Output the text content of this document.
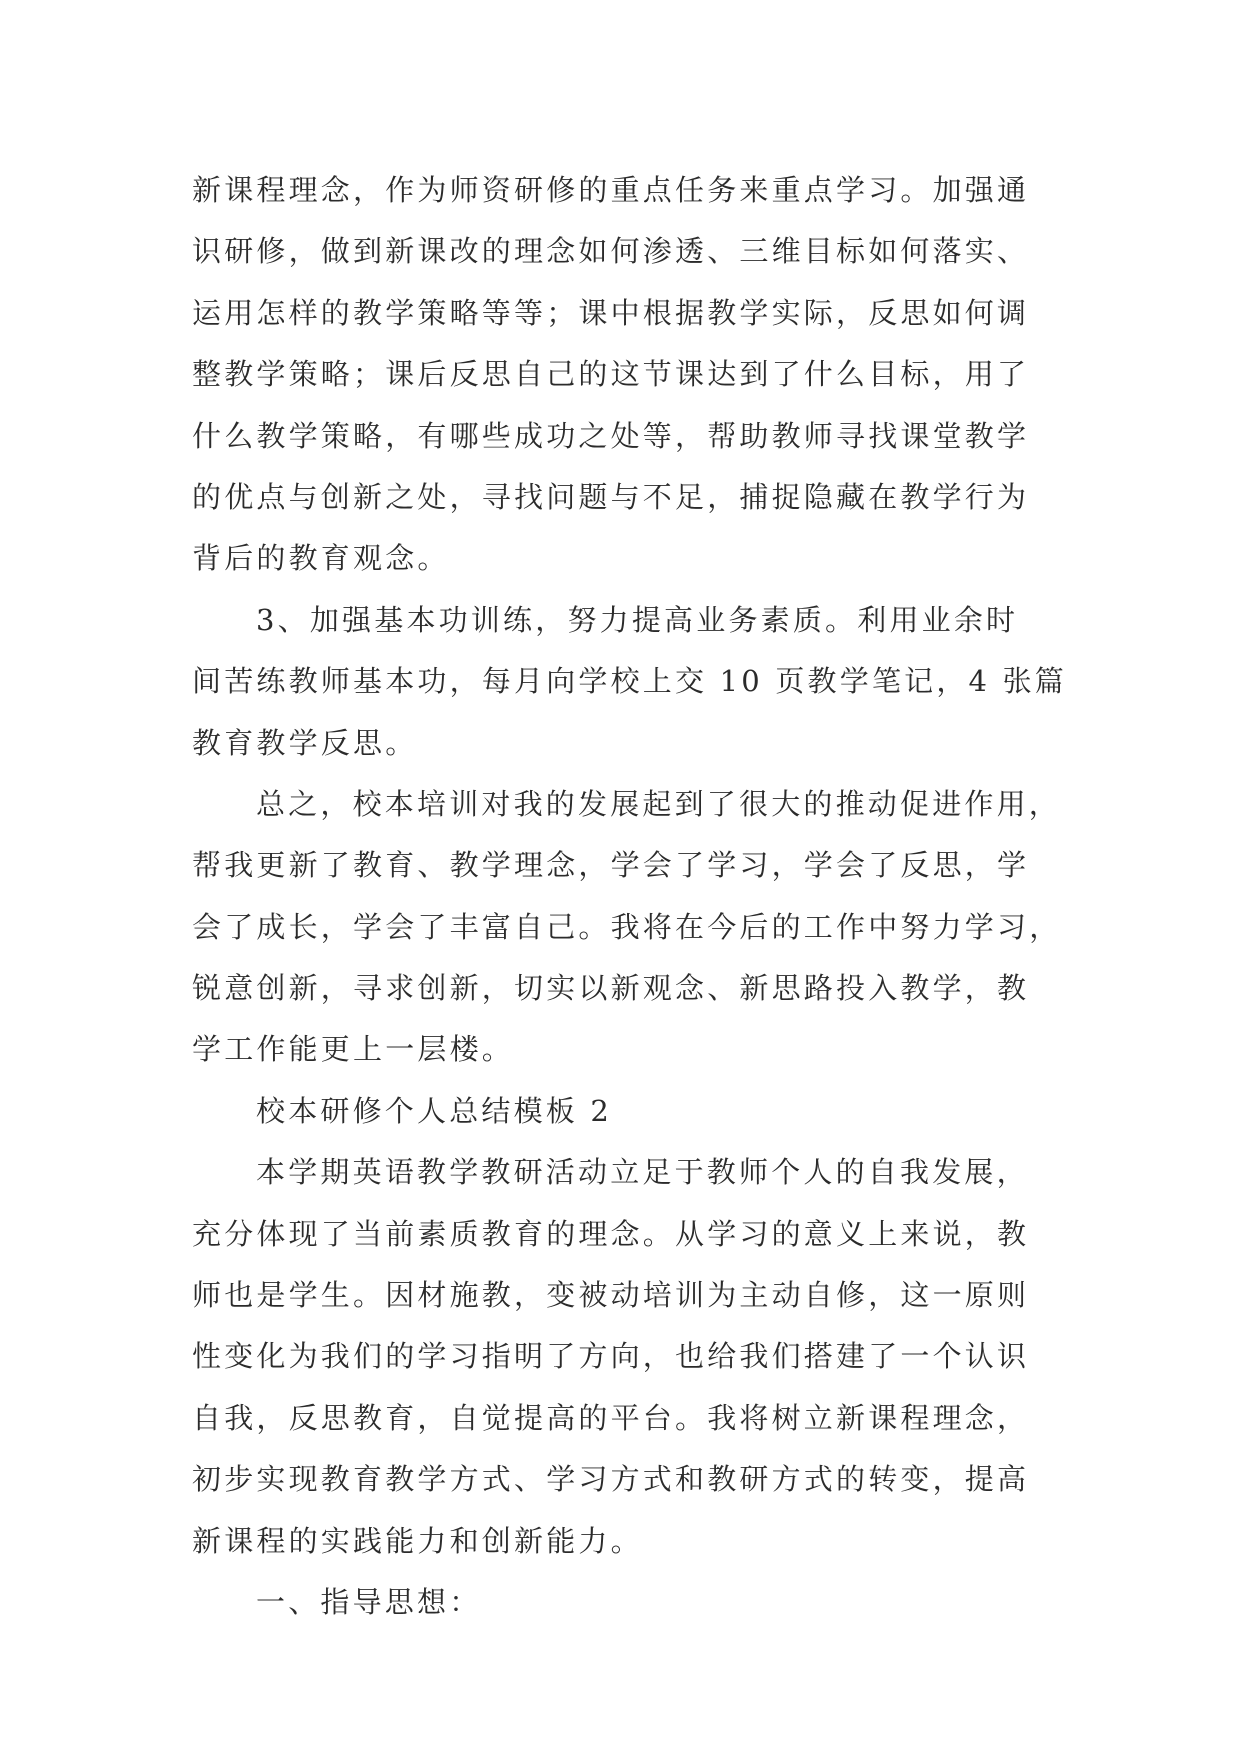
新课程理念，作为师资研修的重点任务来重点学习。加强通
识研修，做到新课改的理念如何渗透、三维目标如何落实、
运用怎样的教学策略等等；课中根据教学实际，反思如何调
整教学策略；课后反思自己的这节课达到了什么目标，用了
什么教学策略，有哪些成功之处等，帮助教师寻找课堂教学
的优点与创新之处，寻找问题与不足，捕捉隐藏在教学行为
背后的教育观念。
3、加强基本功训练，努力提高业务素质。利用业余时
间苦练教师基本功，每月向学校上交 10 页教学笔记，4 张篇
教育教学反思。
总之，校本培训对我的发展起到了很大的推动促进作用，
帮我更新了教育、教学理念，学会了学习，学会了反思，学
会了成长，学会了丰富自己。我将在今后的工作中努力学习，
锐意创新，寻求创新，切实以新观念、新思路投入教学，教
学工作能更上一层楼。
校本研修个人总结模板 2
本学期英语教学教研活动立足于教师个人的自我发展，
充分体现了当前素质教育的理念。从学习的意义上来说，教
师也是学生。因材施教，变被动培训为主动自修，这一原则
性变化为我们的学习指明了方向，也给我们搭建了一个认识
自我，反思教育，自觉提高的平台。我将树立新课程理念，
初步实现教育教学方式、学习方式和教研方式的转变，提高
新课程的实践能力和创新能力。
一、指导思想：
